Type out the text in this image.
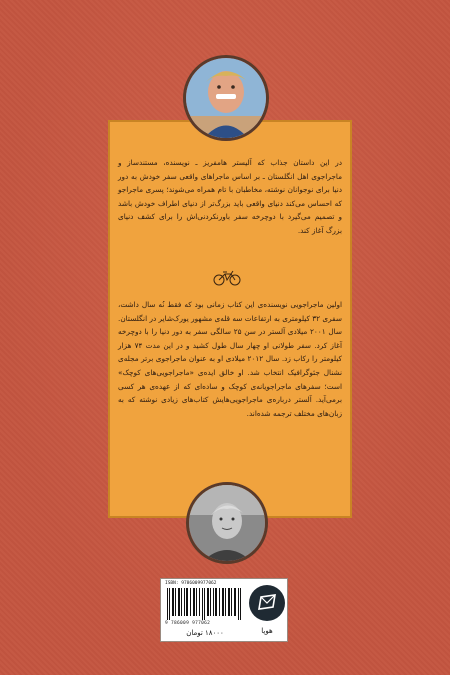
در این داستان جذاب که آلیستر هامفریز ـ نویسنده، مستندساز و ماجراجوی اهل انگلستان ـ بر اساس ماجراهای واقعی سفر خودش به دور دنیا برای نوجوانان نوشته، مخاطبان با تام همراه می‌شوند؛ پسری ماجراجو که احساس می‌کند دنیای واقعی باید بزرگ‌تر از دنیای اطراف خودش باشد و تصمیم می‌گیرد با دوچرخه سفر باورنکردنی‌اش را برای کشف دنیای بزرگ آغاز کند.

اولین ماجراجویی نویسنده‌ی این کتاب زمانی بود که فقط نُه سال داشت، سفری ۳۲ کیلومتری به ارتفاعات سه قله‌ی مشهور یورک‌شایر در انگلستان. سال ۲۰۰۱ میلادی آلستر در سن ۲۵ سالگی سفر به دور دنیا را با دوچرخه آغاز کرد. سفر طولانی او چهار سال طول کشید و در این مدت ۷۴ هزار کیلومتر را رکاب زد. سال ۲۰۱۲ میلادی او به عنوان ماجراجوی برتر مجله‌ی نشنال جئوگرافیک انتخاب شد. او خالق ایده‌ی «ماجراجویی‌های کوچک» است؛ سفرهای ماجراجویانه‌ی کوچک و ساده‌ای که از عهده‌ی هر کسی برمی‌آید. آلستر درباره‌ی ماجراجویی‌هایش کتاب‌های زیادی نوشته که به زبان‌های مختلف ترجمه شده‌اند.

ISBN: 9786009977062
9 786009 977062
۱۸۰۰۰ تومان	هوپا
